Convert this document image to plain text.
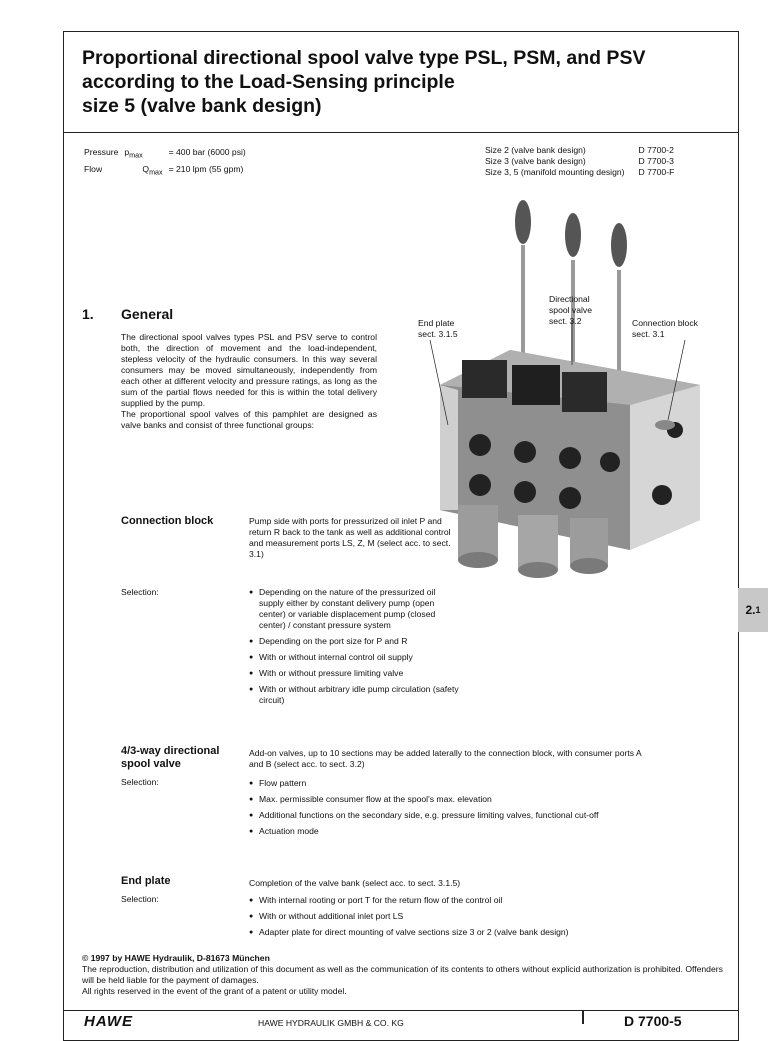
Proportional directional spool valve type PSL, PSM, and PSV
according to the Load-Sensing principle
size 5 (valve bank design)
Pressure	$p_{max}$	= 400 bar (6000 psi)
Flow	$Q_{max}$	= 210 lpm (55 gpm)
Size 2 (valve bank design)	D 7700-2
Size 3 (valve bank design)	D 7700-3
Size 3, 5 (manifold mounting design)	D 7700-F
End plate
sect. 3.1.5
Directional
spool valve
sect. 3.2	Connection block
sect. 3.1
1. General

The directional spool valves types PSL and PSV serve to control both, the direction of movement and the load-independent, stepless velocity of the hydraulic consumers. In this way several consumers may be moved simultaneously, independently from each other at different velocity and pressure ratings, as long as the sum of the partial flows needed for this is within the total delivery supplied by the pump.

The proportional spool valves of this pamphlet are designed as valve banks and consist of three functional groups:

Connection block	Pump side with ports for pressurized oil inlet P and return R back to the tank as well as additional control and measurement ports LS, Z, M (select acc. to sect. 3.1)
Selection:	● Depending on the nature of the pressurized oil supply either by constant delivery pump (open center) or variable displacement pump (closed center) / constant pressure system
● Depending on the port size for P and R
● With or without internal control oil supply
● With or without pressure limiting valve
● With or without arbitrary idle pump circulation (safety circuit)
4/3-way directional
spool valve
Add-on valves, up to 10 sections may be added laterally to the connection block, with consumer ports A and B (select acc. to sect. 3.2)
Selection:	● Flow pattern
● Max. permissible consumer flow at the spool's max. elevation
● Additional functions on the secondary side, e.g. pressure limiting valves, functional cut-off
● Actuation mode
End plate	Completion of the valve bank (select acc. to sect. 3.1.5)
Selection:	● With internal rooting or port T for the return flow of the control oil
● With or without additional inlet port LS
● Adapter plate for direct mounting of valve sections size 3 or 2 (valve bank design)
2. 1
© 1997 by HAWE Hydraulik, D-81673 München
The reproduction, distribution and utilization of this document as well as the communication of its contents to others without explicid authorization is prohibited. Offenders will be held liable for the payment of damages.
All rights reserved in the event of the grant of a patent or utility model.
HAWE	HAWE HYDRAULIK GMBH & CO. KG	D 7700-5
